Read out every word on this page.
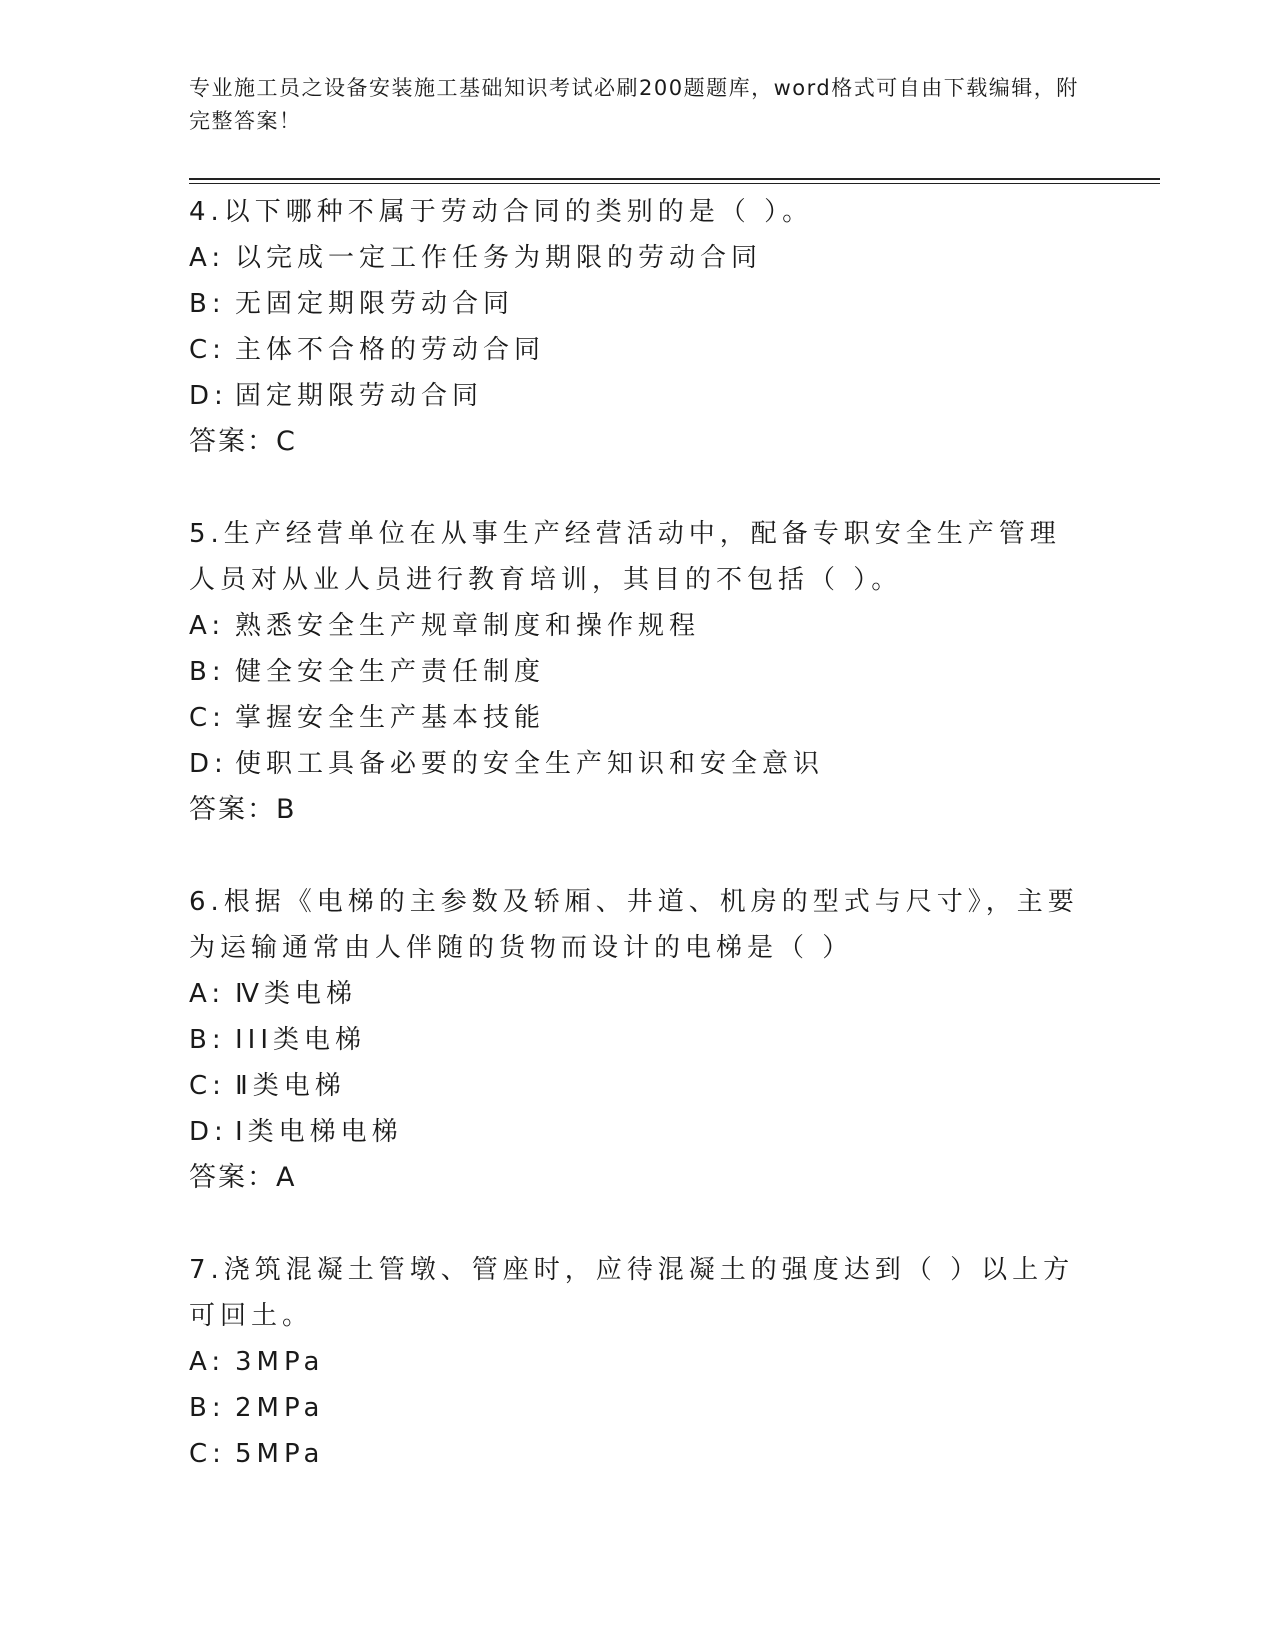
专业施工员之设备安装施工基础知识考试必刷200题题库，word格式可自由下载编辑，附完整答案！
4.以下哪种不属于劳动合同的类别的是（ ）。
A: 以完成一定工作任务为期限的劳动合同
B: 无固定期限劳动合同
C: 主体不合格的劳动合同
D: 固定期限劳动合同
答案：C
5.生产经营单位在从事生产经营活动中，配备专职安全生产管理人员对从业人员进行教育培训，其目的不包括（ ）。
A: 熟悉安全生产规章制度和操作规程
B: 健全安全生产责任制度
C: 掌握安全生产基本技能
D: 使职工具备必要的安全生产知识和安全意识
答案：B
6.根据《电梯的主参数及轿厢、井道、机房的型式与尺寸》，主要为运输通常由人伴随的货物而设计的电梯是（ ）
A: Ⅳ类电梯
B: III类电梯
C: Ⅱ类电梯
D: Ⅰ类电梯电梯
答案：A
7.浇筑混凝土管墩、管座时，应待混凝土的强度达到（ ）以上方可回土。
A: 3MPa
B: 2MPa
C: 5MPa
